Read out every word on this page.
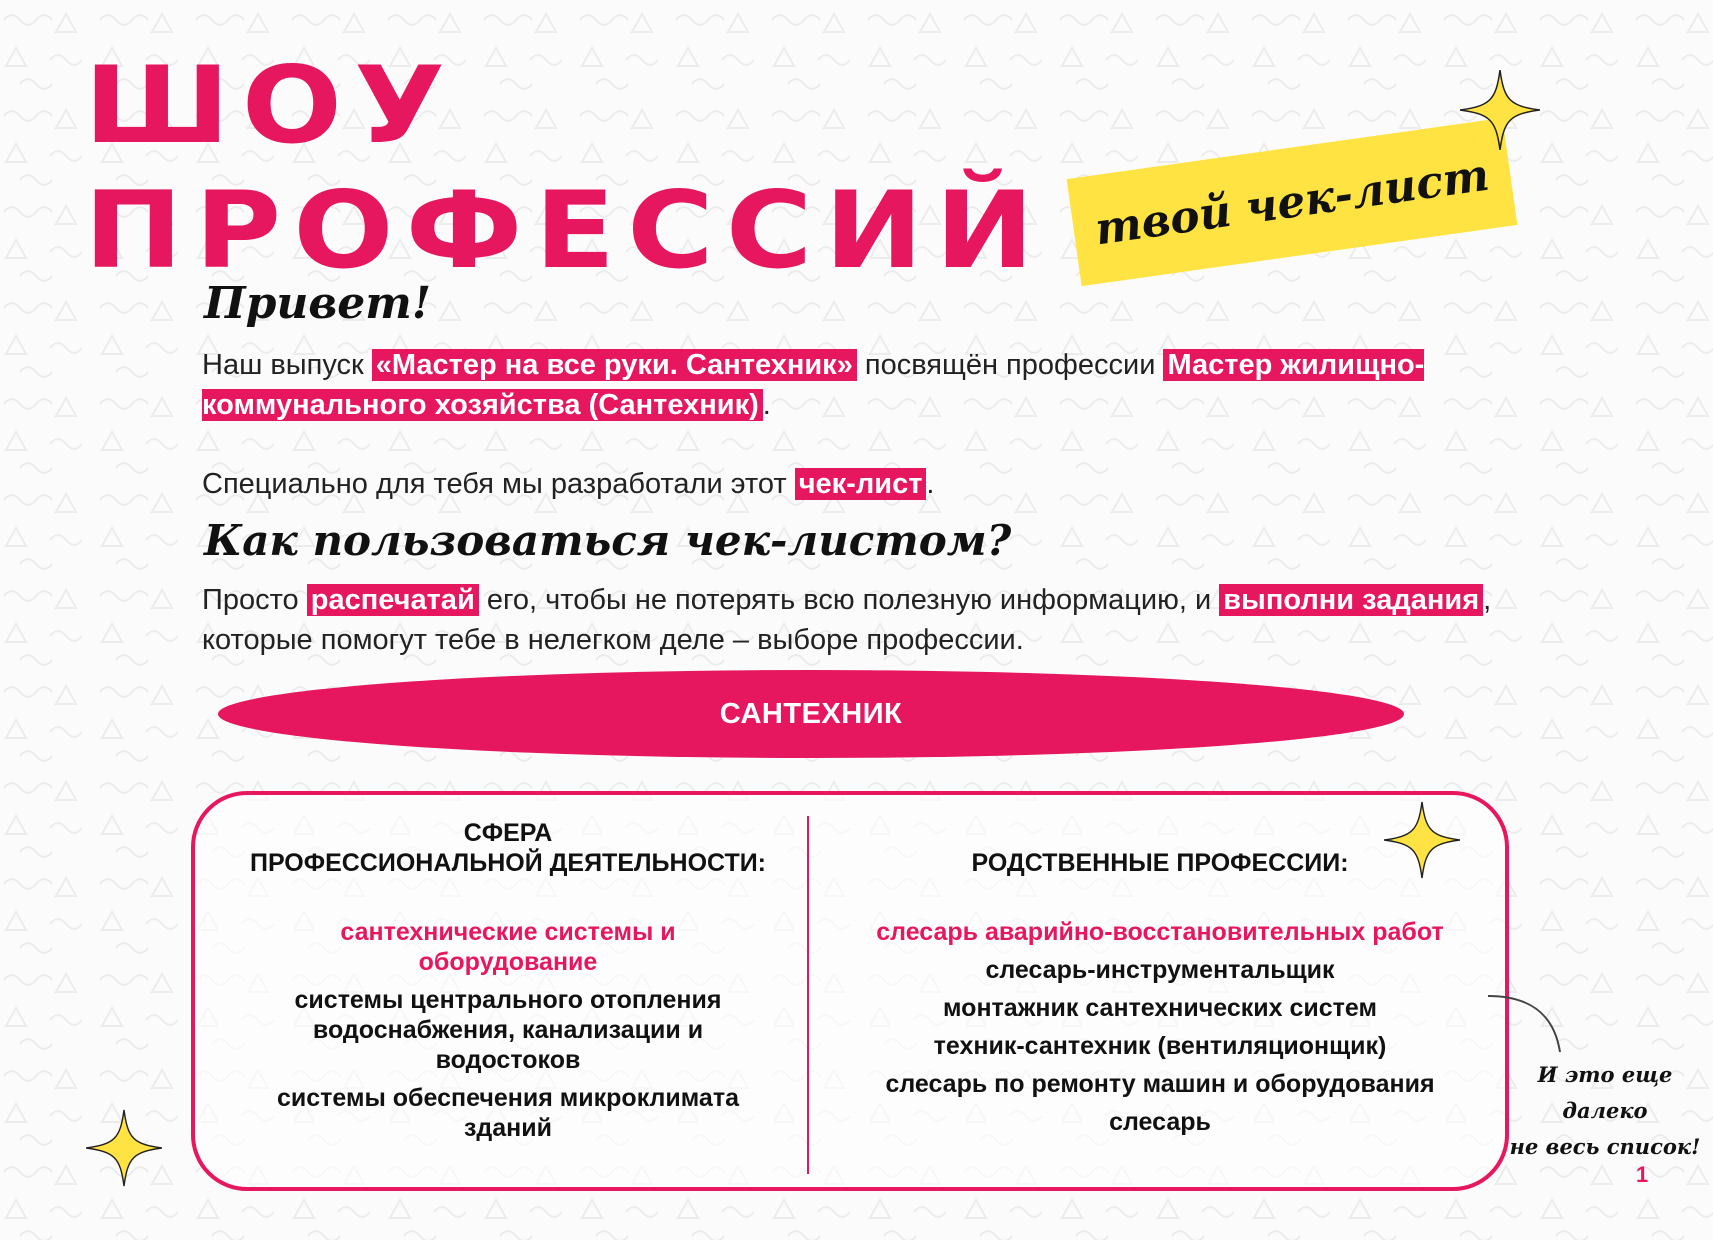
ШОУ
ПРОФЕССИЙ твой чек-лист
Привет!
Наш выпуск «Мастер на все руки. Сантехник» посвящён профессии Мастер жилищно-коммунального хозяйства (Сантехник) .
Специально для тебя мы разработали этот чек-лист .
Как пользоваться чек-листом?
Просто распечатай его, чтобы не потерять всю полезную информацию, и выполни задания , которые помогут тебе в нелегком деле – выборе профессии.
САНТЕХНИК
СФЕРА
ПРОФЕССИОНАЛЬНОЙ ДЕЯТЕЛЬНОСТИ:
сантехнические системы и оборудование
системы центрального отопления водоснабжения, канализации и водостоков
системы обеспечения микроклимата зданий
РОДСТВЕННЫЕ ПРОФЕССИИ:
слесарь аварийно-восстановительных работ
слесарь-инструментальщик
монтажник сантехнических систем
техник-сантехник (вентиляционщик)
слесарь по ремонту машин и оборудования
слесарь
И это еще далеко
не весь список!
1
